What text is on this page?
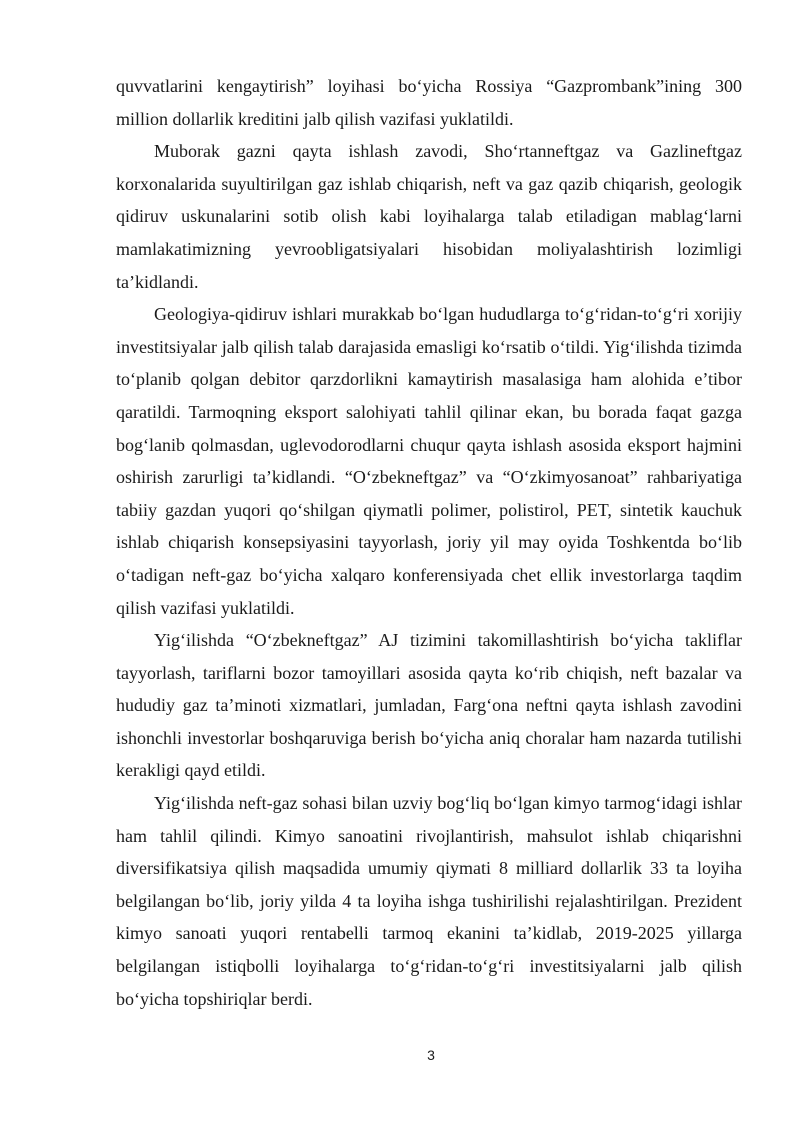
quvvatlarini kengaytirish” loyihasi bo‘yicha Rossiya “Gazprombank”ining 300 million dollarlik kreditini jalb qilish vazifasi yuklatildi.

Muborak gazni qayta ishlash zavodi, Sho‘rtanneftgaz va Gazlineftgaz korxonalarida suyultirilgan gaz ishlab chiqarish, neft va gaz qazib chiqarish, geologik qidiruv uskunalarini sotib olish kabi loyihalarga talab etiladigan mablag‘larni mamlakatimizning yevroobligatsiyalari hisobidan moliyalashtirish lozimligi ta’kidlandi.

Geologiya-qidiruv ishlari murakkab bo‘lgan hududlarga to‘g‘ridan-to‘g‘ri xorijiy investitsiyalar jalb qilish talab darajasida emasligi ko‘rsatib o‘tildi. Yig‘ilishda tizimda to‘planib qolgan debitor qarzdorlikni kamaytirish masalasiga ham alohida e’tibor qaratildi. Tarmoqning eksport salohiyati tahlil qilinar ekan, bu borada faqat gazga bog‘lanib qolmasdan, uglevodorodlarni chuqur qayta ishlash asosida eksport hajmini oshirish zarurligi ta’kidlandi. “O‘zbekneftgaz” va “O‘zkimyosanoat” rahbariyatiga tabiiy gazdan yuqori qo‘shilgan qiymatli polimer, polistirol, PET, sintetik kauchuk ishlab chiqarish konsepsiyasini tayyorlash, joriy yil may oyida Toshkentda bo‘lib o‘tadigan neft-gaz bo‘yicha xalqaro konferensiyada chet ellik investorlarga taqdim qilish vazifasi yuklatildi.

Yig‘ilishda “O‘zbekneftgaz” AJ tizimini takomillashtirish bo‘yicha takliflar tayyorlash, tariflarni bozor tamoyillari asosida qayta ko‘rib chiqish, neft bazalar va hududiy gaz ta’minoti xizmatlari, jumladan, Farg‘ona neftni qayta ishlash zavodini ishonchli investorlar boshqaruviga berish bo‘yicha aniq choralar ham nazarda tutilishi kerakligi qayd etildi.

Yig‘ilishda neft-gaz sohasi bilan uzviy bog‘liq bo‘lgan kimyo tarmog‘idagi ishlar ham tahlil qilindi. Kimyo sanoatini rivojlantirish, mahsulot ishlab chiqarishni diversifikatsiya qilish maqsadida umumiy qiymati 8 milliard dollarlik 33 ta loyiha belgilangan bo‘lib, joriy yilda 4 ta loyiha ishga tushirilishi rejalashtirilgan. Prezident kimyo sanoati yuqori rentabelli tarmoq ekanini ta’kidlab, 2019-2025 yillarga belgilangan istiqbolli loyihalarga to‘g‘ridan-to‘g‘ri investitsiyalarni jalb qilish bo‘yicha topshiriqlar berdi.

3
